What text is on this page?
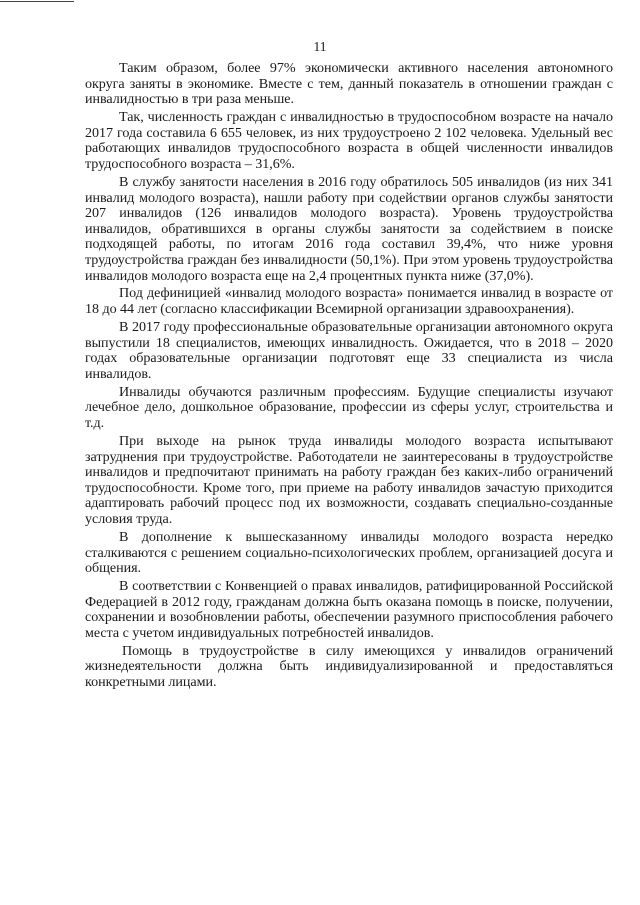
11

Таким образом, более 97% экономически активного населения автономного округа заняты в экономике. Вместе с тем, данный показатель в отношении граждан с инвалидностью в три раза меньше.

Так, численность граждан с инвалидностью в трудоспособном возрасте на начало 2017 года составила 6 655 человек, из них трудоустроено 2 102 человека. Удельный вес работающих инвалидов трудоспособного возраста в общей численности инвалидов трудоспособного возраста – 31,6%.

В службу занятости населения в 2016 году обратилось 505 инвалидов (из них 341 инвалид молодого возраста), нашли работу при содействии органов службы занятости 207 инвалидов (126 инвалидов молодого возраста). Уровень трудоустройства инвалидов, обратившихся в органы службы занятости за содействием в поиске подходящей работы, по итогам 2016 года составил 39,4%, что ниже уровня трудоустройства граждан без инвалидности (50,1%). При этом уровень трудоустройства инвалидов молодого возраста еще на 2,4 процентных пункта ниже (37,0%).

Под дефиницией «инвалид молодого возраста» понимается инвалид в возрасте от 18 до 44 лет (согласно классификации Всемирной организации здравоохранения).

В 2017 году профессиональные образовательные организации автономного округа выпустили 18 специалистов, имеющих инвалидность. Ожидается, что в 2018 – 2020 годах образовательные организации подготовят еще 33 специалиста из числа инвалидов.

Инвалиды обучаются различным профессиям. Будущие специалисты изучают лечебное дело, дошкольное образование, профессии из сферы услуг, строительства и т.д.

При выходе на рынок труда инвалиды молодого возраста испытывают затруднения при трудоустройстве. Работодатели не заинтересованы в трудоустройстве инвалидов и предпочитают принимать на работу граждан без каких-либо ограничений трудоспособности. Кроме того, при приеме на работу инвалидов зачастую приходится адаптировать рабочий процесс под их возможности, создавать специально-созданные условия труда.

В дополнение к вышесказанному инвалиды молодого возраста нередко сталкиваются с решением социально-психологических проблем, организацией досуга и общения.

В соответствии с Конвенцией о правах инвалидов, ратифицированной Российской Федерацией в 2012 году, гражданам должна быть оказана помощь в поиске, получении, сохранении и возобновлении работы, обеспечении разумного приспособления рабочего места с учетом индивидуальных потребностей инвалидов.

Помощь в трудоустройстве в силу имеющихся у инвалидов ограничений жизнедеятельности должна быть индивидуализированной и предоставляться конкретными лицами.
